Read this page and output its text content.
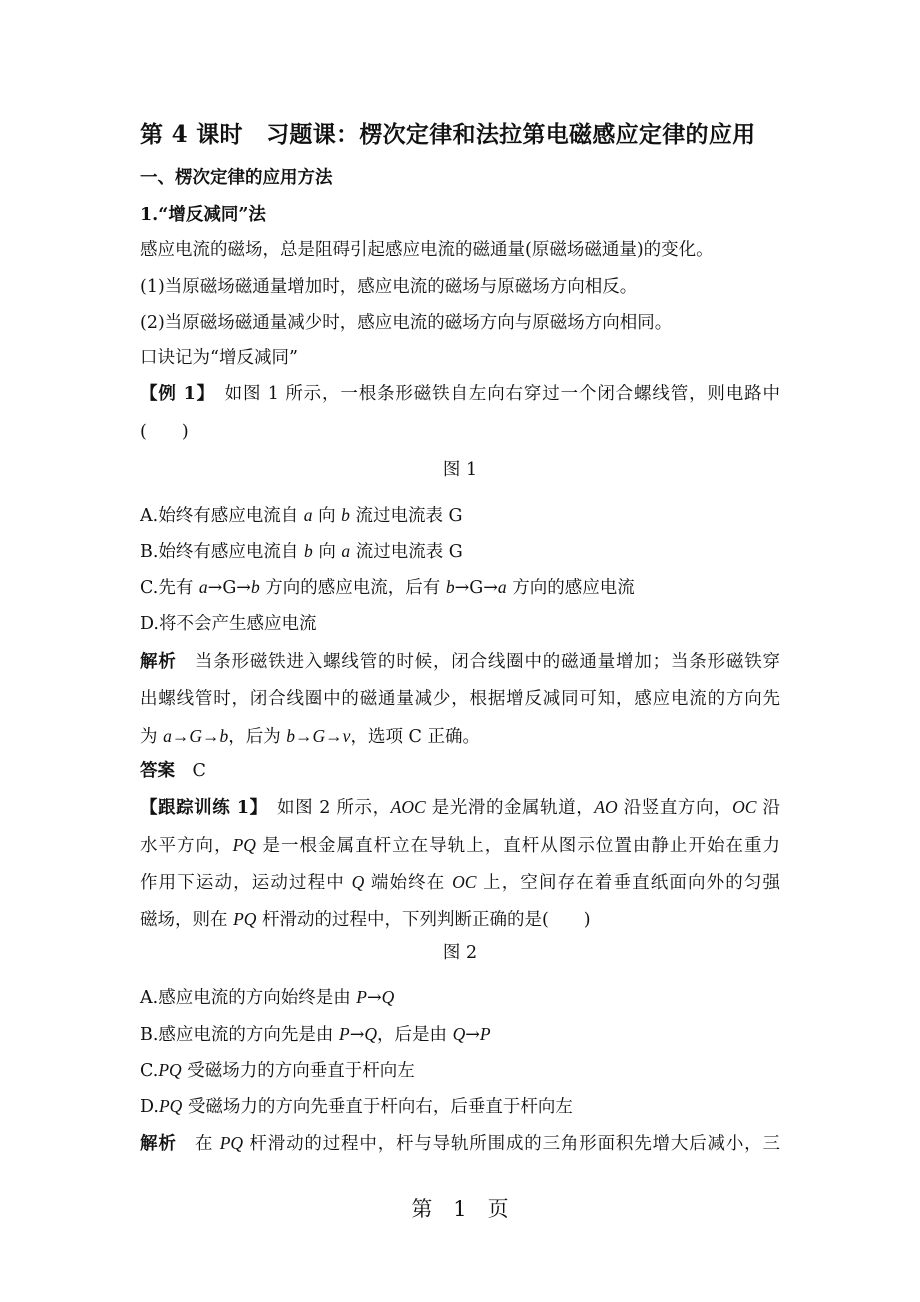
第 4 课时　习题课：楞次定律和法拉第电磁感应定律的应用
一、楞次定律的应用方法
1.“增反减同”法
感应电流的磁场，总是阻碍引起感应电流的磁通量(原磁场磁通量)的变化。
(1)当原磁场磁通量增加时，感应电流的磁场与原磁场方向相反。
(2)当原磁场磁通量减少时，感应电流的磁场方向与原磁场方向相同。
口诀记为“增反减同”
【例 1】　如图 1 所示，一根条形磁铁自左向右穿过一个闭合螺线管，则电路中
(　　)
图 1
A.始终有感应电流自 a 向 b 流过电流表 G
B.始终有感应电流自 b 向 a 流过电流表 G
C.先有 a→G→b 方向的感应电流，后有 b→G→a 方向的感应电流
D.将不会产生感应电流
解析　当条形磁铁进入螺线管的时候，闭合线圈中的磁通量增加；当条形磁铁穿
出螺线管时，闭合线圈中的磁通量减少，根据增反减同可知，感应电流的方向先
为 a→G→b，后为 b→G→v，选项 C 正确。
答案　C
【跟踪训练 1】　如图 2 所示，AOC 是光滑的金属轨道，AO 沿竖直方向，OC 沿
水平方向，PQ 是一根金属直杆立在导轨上，直杆从图示位置由静止开始在重力
作用下运动，运动过程中 Q 端始终在 OC 上，空间存在着垂直纸面向外的匀强
磁场，则在 PQ 杆滑动的过程中，下列判断正确的是(　　)
图 2
A.感应电流的方向始终是由 P→Q
B.感应电流的方向先是由 P→Q，后是由 Q→P
C.PQ 受磁场力的方向垂直于杆向左
D.PQ 受磁场力的方向先垂直于杆向右，后垂直于杆向左
解析　在 PQ 杆滑动的过程中，杆与导轨所围成的三角形面积先增大后减小，三
第　1　页
